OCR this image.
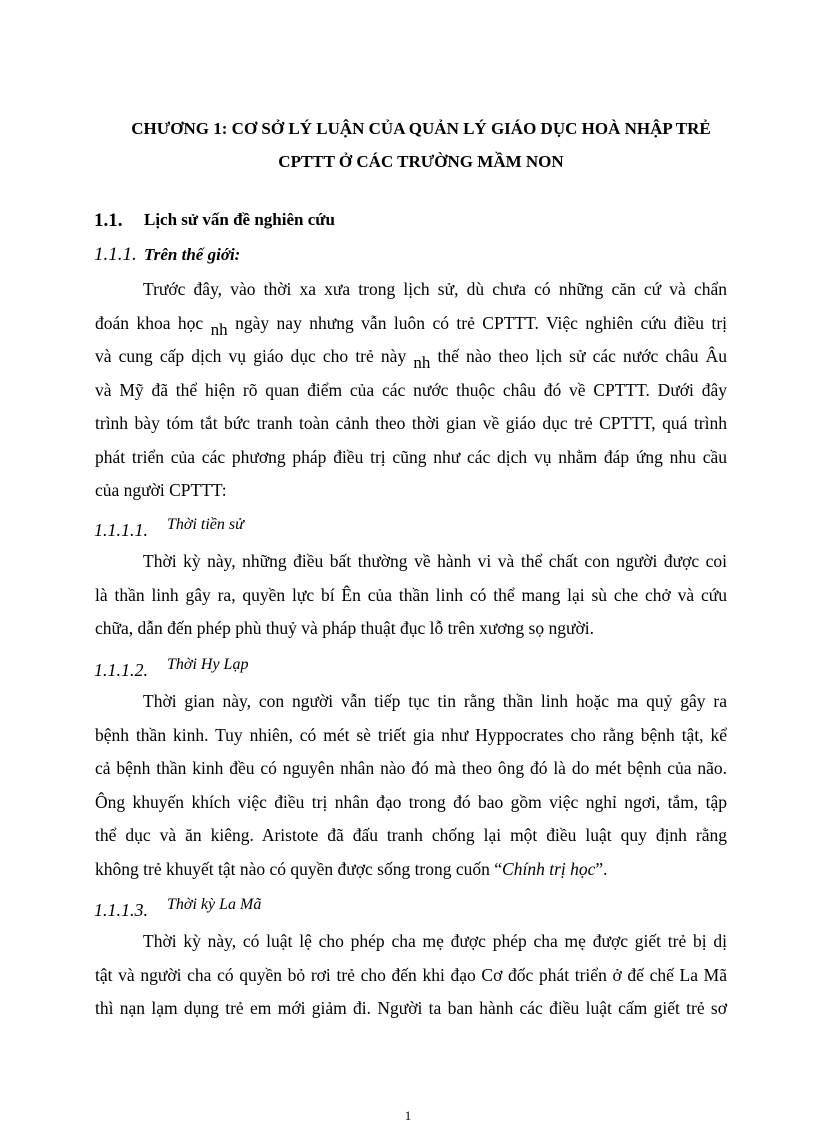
CHƯƠNG 1: CƠ SỞ LÝ LUẬN CỦA QUẢN LÝ GIÁO DỤC HOÀ NHẬP TRẺ
CPTTT Ở CÁC TRƯỜNG MẦM NON
1.1. Lịch sử vấn đề nghiên cứu
1.1.1. Trên thế giới:
Trước đây, vào thời xa xưa trong lịch sử, dù chưa có những căn cứ và chẩn
đoán khoa học nh ngày nay nhưng vẫn luôn có trẻ CPTTT. Việc nghiên cứu điều trị
và cung cấp dịch vụ giáo dục cho trẻ này nh thế nào theo lịch sử các nước châu Âu
và Mỹ đã thể hiện rõ quan điểm của các nước thuộc châu đó về CPTTT. Dưới đây
trình bày tóm tắt bức tranh toàn cảnh theo thời gian về giáo dục trẻ CPTTT, quá trình
phát triển của các phương pháp điều trị cũng như các dịch vụ nhằm đáp ứng nhu cầu
của người CPTTT:
1.1.1.1. Thời tiền sử
Thời kỳ này, những điều bất thường về hành vi và thể chất con người được coi
là thần linh gây ra, quyền lực bí Ên của thần linh có thể mang lại sù che chở và cứu
chữa, dẫn đến phép phù thuỷ và pháp thuật đục lỗ trên xương sọ người.
1.1.1.2. Thời Hy Lạp
Thời gian này, con người vẫn tiếp tục tin rằng thần linh hoặc ma quỷ gây ra
bệnh thần kinh. Tuy nhiên, có mét sè triết gia như Hyppocrates cho rằng bệnh tật, kể
cả bệnh thần kinh đều có nguyên nhân nào đó mà theo ông đó là do mét bệnh của não.
Ông khuyến khích việc điều trị nhân đạo trong đó bao gồm việc nghỉ ngơi, tắm, tập
thể dục và ăn kiêng. Aristote đã đấu tranh chống lại một điều luật quy định rằng
không trẻ khuyết tật nào có quyền được sống trong cuốn “Chính trị học”.
1.1.1.3. Thời kỳ La Mã
Thời kỳ này, có luật lệ cho phép cha mẹ được phép cha mẹ được giết trẻ bị dị
tật và người cha có quyền bỏ rơi trẻ cho đến khi đạo Cơ đốc phát triển ở đế chế La Mã
thì nạn lạm dụng trẻ em mới giảm đi. Người ta ban hành các điều luật cấm giết trẻ sơ
1
